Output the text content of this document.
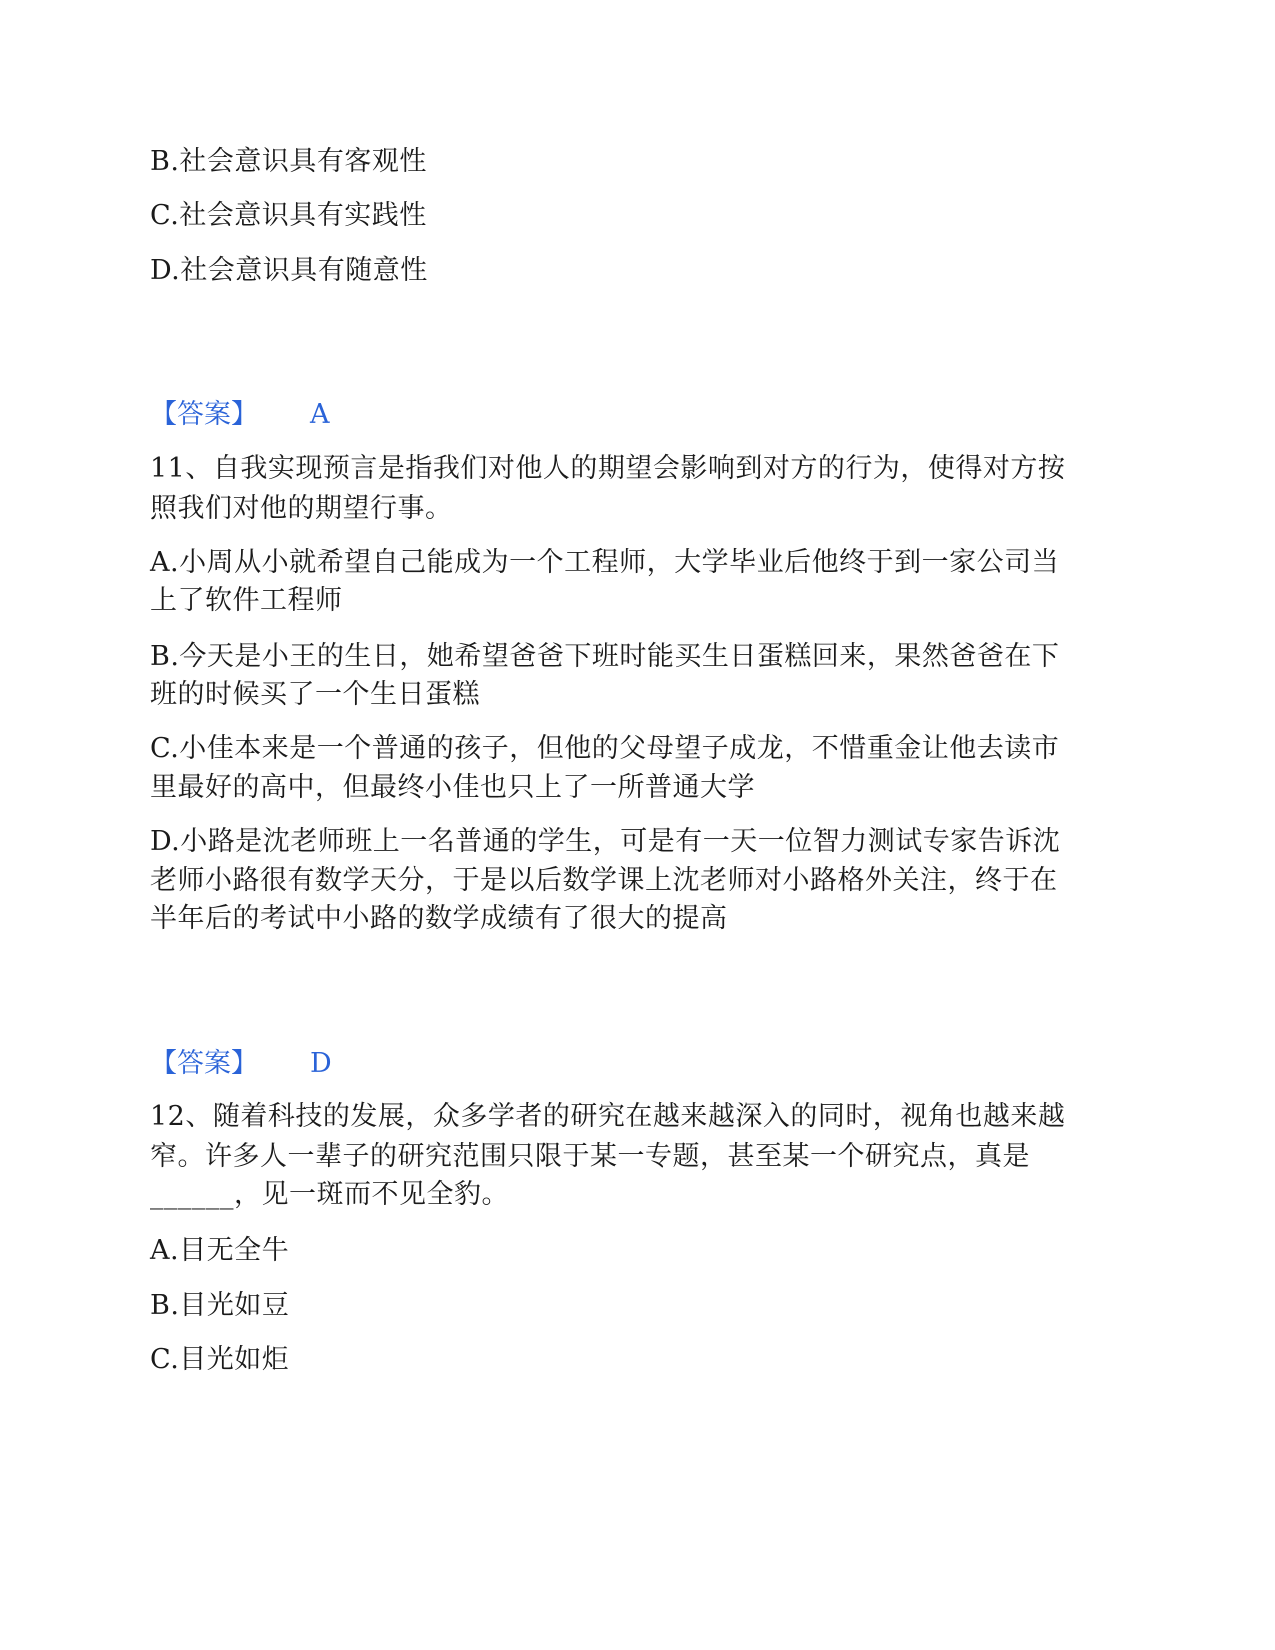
B.社会意识具有客观性
C.社会意识具有实践性
D.社会意识具有随意性
【答案】 A
11、自我实现预言是指我们对他人的期望会影响到对方的行为，使得对方按
照我们对他的期望行事。
A.小周从小就希望自己能成为一个工程师，大学毕业后他终于到一家公司当
上了软件工程师
B.今天是小王的生日，她希望爸爸下班时能买生日蛋糕回来，果然爸爸在下
班的时候买了一个生日蛋糕
C.小佳本来是一个普通的孩子，但他的父母望子成龙，不惜重金让他去读市
里最好的高中，但最终小佳也只上了一所普通大学
D.小路是沈老师班上一名普通的学生，可是有一天一位智力测试专家告诉沈
老师小路很有数学天分，于是以后数学课上沈老师对小路格外关注，终于在
半年后的考试中小路的数学成绩有了很大的提高
【答案】 D
12、随着科技的发展，众多学者的研究在越来越深入的同时，视角也越来越
窄。许多人一辈子的研究范围只限于某一专题，甚至某一个研究点，真是
______，见一斑而不见全豹。
A.目无全牛
B.目光如豆
C.目光如炬
